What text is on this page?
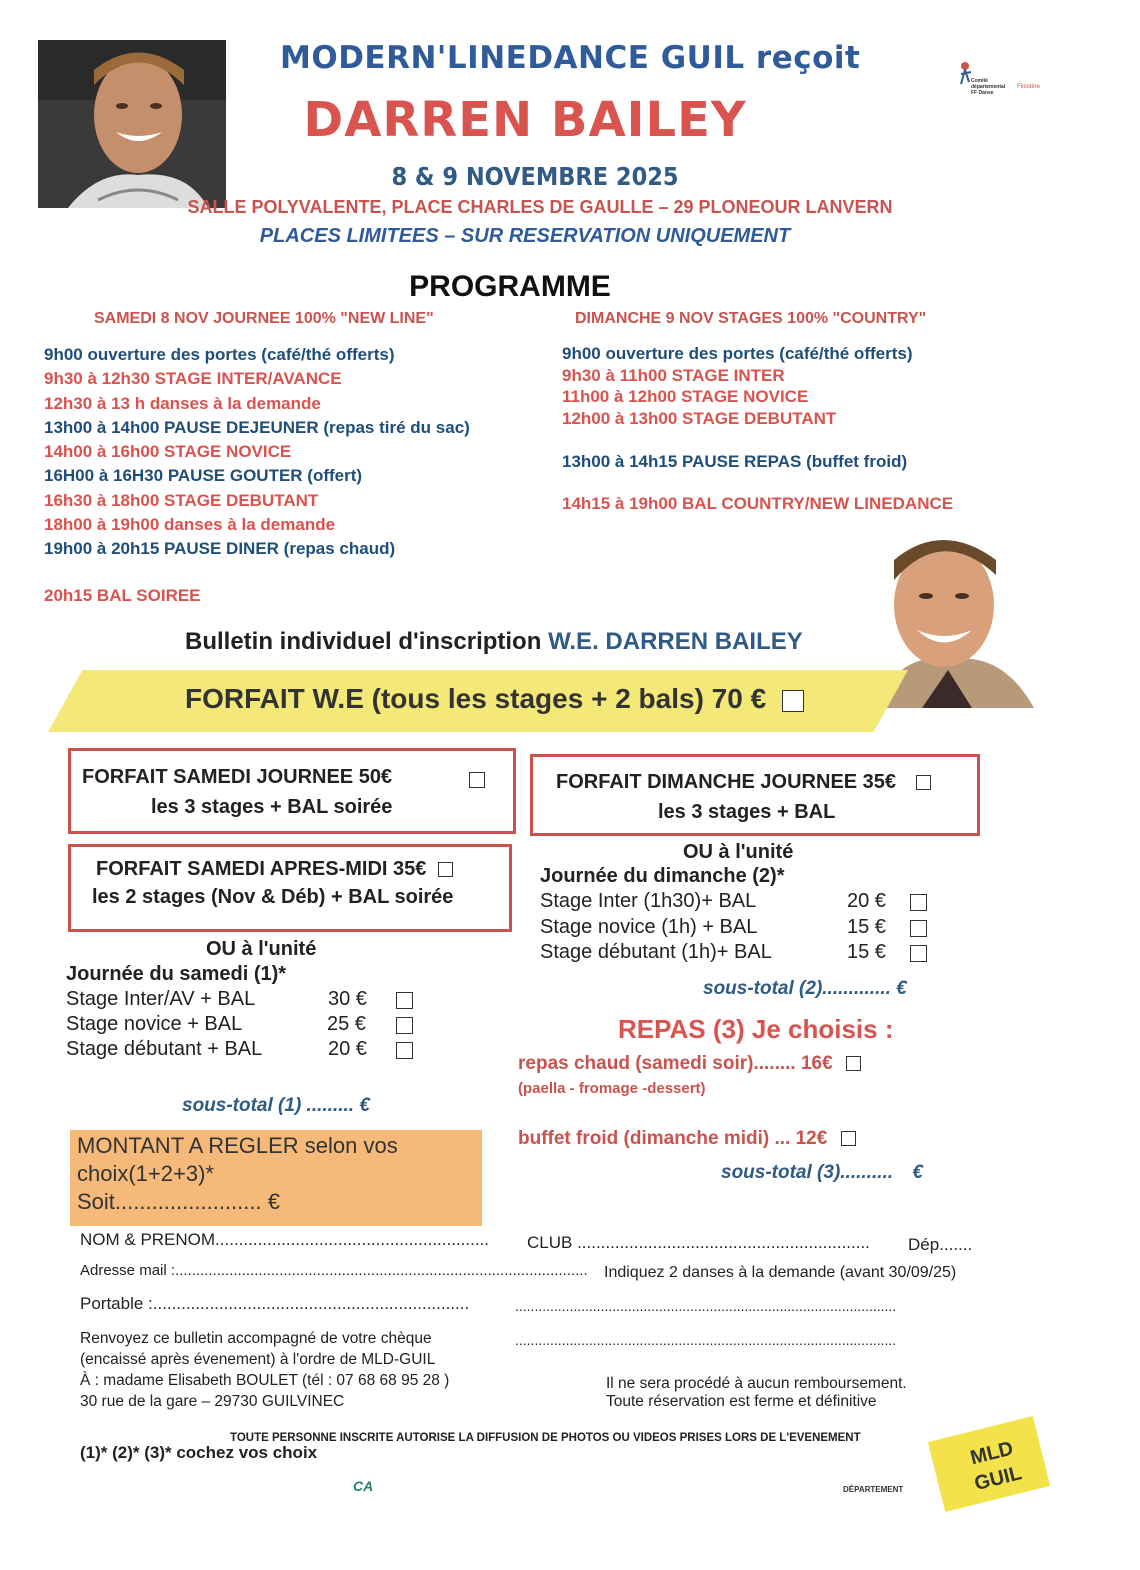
Comité
départemental
FF Danse
Finistère
MODERN'LINEDANCE GUIL reçoit
DARREN BAILEY
8 & 9 NOVEMBRE 2025
SALLE POLYVALENTE, PLACE CHARLES DE GAULLE – 29 PLONEOUR LANVERN
PLACES LIMITEES – SUR RESERVATION UNIQUEMENT
PROGRAMME
SAMEDI 8 NOV JOURNEE 100% "NEW LINE"	DIMANCHE 9 NOV STAGES 100% "COUNTRY"
9h00 ouverture des portes (café/thé offerts)
9h30 à 12h30 STAGE INTER/AVANCE
12h30 à 13 h danses à la demande
13h00 à 14h00 PAUSE DEJEUNER (repas tiré du sac)
14h00 à 16h00 STAGE NOVICE
16H00 à 16H30 PAUSE GOUTER (offert)
16h30 à 18h00 STAGE DEBUTANT
18h00 à 19h00 danses à la demande
19h00 à 20h15 PAUSE DINER (repas chaud)
20h15 BAL SOIREE
9h00 ouverture des portes (café/thé offerts)
9h30 à 11h00 STAGE INTER
11h00 à 12h00 STAGE NOVICE
12h00 à 13h00 STAGE DEBUTANT
13h00 à 14h15 PAUSE REPAS (buffet froid)
14h15 à 19h00 BAL COUNTRY/NEW LINEDANCE
Bulletin individuel d'inscription W.E. DARREN BAILEY
FORFAIT W.E (tous les stages + 2 bals) 70 €
FORFAIT SAMEDI JOURNEE 50€
les 3 stages + BAL soirée
FORFAIT SAMEDI APRES-MIDI 35€
les 2 stages (Nov & Déb) + BAL soirée
FORFAIT DIMANCHE JOURNEE 35€
les 3 stages + BAL
OU à l'unité
Journée du samedi (1)*
Stage Inter/AV + BAL	30 €
Stage novice + BAL	25 €
Stage débutant + BAL	20 €
sous-total (1) ......... €
OU à l'unité
Journée du dimanche (2)*
Stage Inter (1h30)+ BAL	20 €
Stage novice (1h) + BAL	15 €
Stage débutant (1h)+ BAL	15 €
sous-total (2)............. €
REPAS (3) Je choisis :
repas chaud (samedi soir)........ 16€
(paella - fromage -dessert)
buffet froid (dimanche midi) ... 12€
sous-total (3).......... €
MONTANT A REGLER selon vos
choix(1+2+3)*
Soit........................ €
NOM & PRENOM.......................................................... CLUB .............................................................. Dép.......
Adresse mail :................................................................................................... Indiquez 2 danses à la demande (avant 30/09/25)
Portable :...................................................................	..................................................................................................
..................................................................................................
Renvoyez ce bulletin accompagné de votre chèque
(encaissé après évenement) à l'ordre de MLD-GUIL
À : madame Elisabeth BOULET (tél : 07 68 68 95 28 )
30 rue de la gare – 29730 GUILVINEC
Il ne sera procédé à aucun remboursement.
Toute réservation est ferme et définitive
TOUTE PERSONNE INSCRITE AUTORISE LA DIFFUSION DE PHOTOS OU VIDEOS PRISES LORS DE L'EVENEMENT
(1)* (2)* (3)* cochez vos choix
CA	DÉPARTEMENT
MLD
GUIL
